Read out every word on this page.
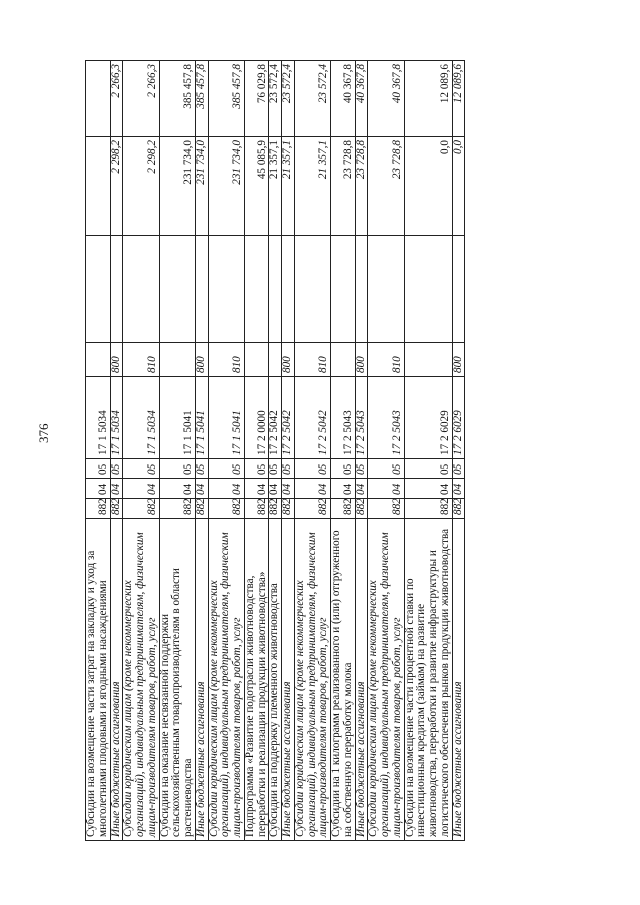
376
Субсидии на возмещение части затрат на закладку и уход за многолетними плодовыми и ягодными насаждениями	882	04	05	17 1 5034				
Иные бюджетные ассигнования	882	04	05	17 1 5034	800		2 298,2	2 266,3
Субсидии юридическим лицам (кроме некоммерческих организаций), индивидуальным предпринимателям, физическим лицам-производителям товаров, работ, услуг	882	04	05	17 1 5034	810		2 298,2	2 266,3
Субсидии на оказание несвязанной поддержки сельскохозяйственным товаропроизводителям в области растениеводства	882	04	05	17 1 5041			231 734,0	385 457,8
Иные бюджетные ассигнования	882	04	05	17 1 5041	800		231 734,0	385 457,8
Субсидии юридическим лицам (кроме некоммерческих организаций), индивидуальным предпринимателям, физическим лицам-производителям товаров, работ, услуг	882	04	05	17 1 5041	810		231 734,0	385 457,8
Подпрограмма «Развитие подотрасли животноводства, переработки и реализации продукции животноводства»	882	04	05	17 2 0000			45 085,9	76 029,8
Субсидии на поддержку племенного животноводства	882	04	05	17 2 5042			21 357,1	23 572,4
Иные бюджетные ассигнования	882	04	05	17 2 5042	800		21 357,1	23 572,4
Субсидии юридическим лицам (кроме некоммерческих организаций), индивидуальным предпринимателям, физическим лицам-производителям товаров, работ, услуг	882	04	05	17 2 5042	810		21 357,1	23 572,4
Субсидии на 1 килограмм реализованного и (или) отгруженного на собственную переработку молока	882	04	05	17 2 5043			23 728,8	40 367,8
Иные бюджетные ассигнования	882	04	05	17 2 5043	800		23 728,8	40 367,8
Субсидии юридическим лицам (кроме некоммерческих организаций), индивидуальным предпринимателям, физическим лицам-производителям товаров, работ, услуг	882	04	05	17 2 5043	810		23 728,8	40 367,8
Субсидии на возмещение части процентной ставки по инвестиционным кредитам (займам) на развитие животноводства, переработки и развитие инфраструктуры и логистического обеспечения рынков продукции животноводства	882	04	05	17 2 6029			0,0	12 089,6
Иные бюджетные ассигнования	882	04	05	17 2 6029	800		0,0	12 089,6
